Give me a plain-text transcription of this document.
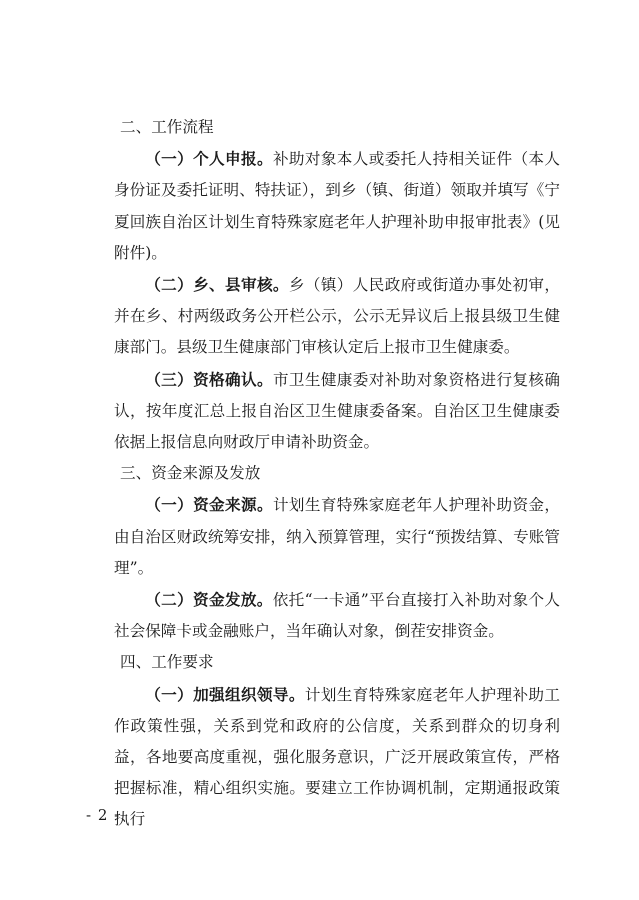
二、工作流程

（一）个人申报。补助对象本人或委托人持相关证件（本人身份证及委托证明、特扶证），到乡（镇、街道）领取并填写《宁夏回族自治区计划生育特殊家庭老年人护理补助申报审批表》(见附件)。

（二）乡、县审核。乡（镇）人民政府或街道办事处初审，并在乡、村两级政务公开栏公示，公示无异议后上报县级卫生健康部门。县级卫生健康部门审核认定后上报市卫生健康委。

（三）资格确认。市卫生健康委对补助对象资格进行复核确认，按年度汇总上报自治区卫生健康委备案。自治区卫生健康委依据上报信息向财政厅申请补助资金。

三、资金来源及发放

（一）资金来源。计划生育特殊家庭老年人护理补助资金，由自治区财政统筹安排，纳入预算管理，实行“预拨结算、专账管理”。

（二）资金发放。依托“一卡通”平台直接打入补助对象个人社会保障卡或金融账户，当年确认对象，倒茬安排资金。

四、工作要求

（一）加强组织领导。计划生育特殊家庭老年人护理补助工作政策性强，关系到党和政府的公信度，关系到群众的切身利益，各地要高度重视，强化服务意识，广泛开展政策宣传，严格把握标准，精心组织实施。要建立工作协调机制，定期通报政策执行

- 2 -
